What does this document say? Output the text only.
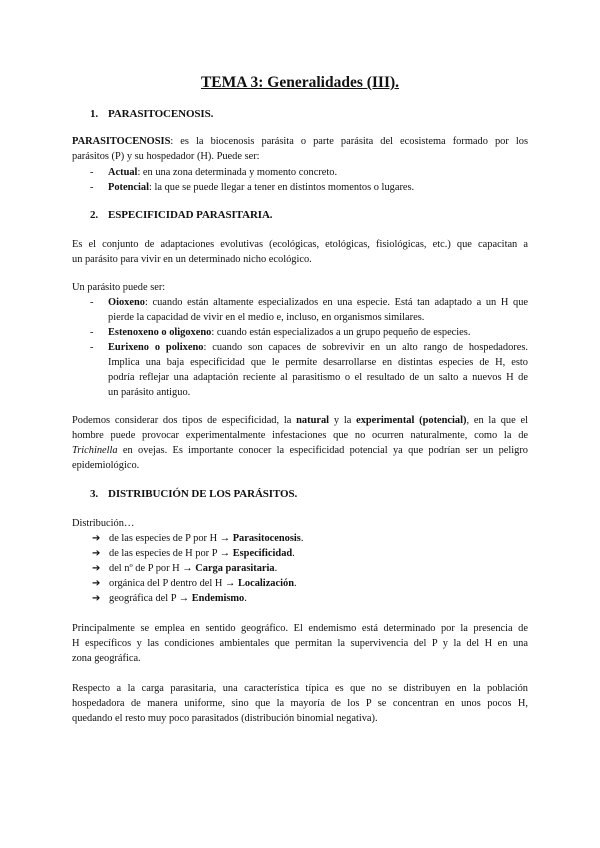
TEMA 3: Generalidades (III).
1. PARASITOCENOSIS.
PARASITOCENOSIS: es la biocenosis parásita o parte parásita del ecosistema formado por los
parásitos (P) y su hospedador (H). Puede ser:
- Actual: en una zona determinada y momento concreto.
- Potencial: la que se puede llegar a tener en distintos momentos o lugares.
2. ESPECIFICIDAD PARASITARIA.
Es el conjunto de adaptaciones evolutivas (ecológicas, etológicas, fisiológicas, etc.) que capacitan a
un parásito para vivir en un determinado nicho ecológico.
Un parásito puede ser:
- Oioxeno: cuando están altamente especializados en una especie. Está tan adaptado a un H que
pierde la capacidad de vivir en el medio e, incluso, en organismos similares.
- Estenoxeno o oligoxeno: cuando están especializados a un grupo pequeño de especies.
- Eurixeno o polixeno: cuando son capaces de sobrevivir en un alto rango de hospedadores.
Implica una baja especificidad que le permite desarrollarse en distintas especies de H, esto
podría reflejar una adaptación reciente al parasitismo o el resultado de un salto a nuevos H de
un parásito antiguo.
Podemos considerar dos tipos de especificidad, la natural y la experimental (potencial), en la que el
hombre puede provocar experimentalmente infestaciones que no ocurren naturalmente, como la de
Trichinella en ovejas. Es importante conocer la especificidad potencial ya que podrían ser un peligro
epidemiológico.
3. DISTRIBUCIÓN DE LOS PARÁSITOS.
Distribución…
➔ de las especies de P por H → Parasitocenosis.
➔ de las especies de H por P → Especificidad.
➔ del nº de P por H → Carga parasitaria.
➔ orgánica del P dentro del H → Localización.
➔ geográfica del P → Endemismo.
Principalmente se emplea en sentido geográfico. El endemismo está determinado por la presencia de
H específicos y las condiciones ambientales que permitan la supervivencia del P y la del H en una
zona geográfica.
Respecto a la carga parasitaria, una característica típica es que no se distribuyen en la población
hospedadora de manera uniforme, sino que la mayoría de los P se concentran en unos pocos H,
quedando el resto muy poco parasitados (distribución binomial negativa).
